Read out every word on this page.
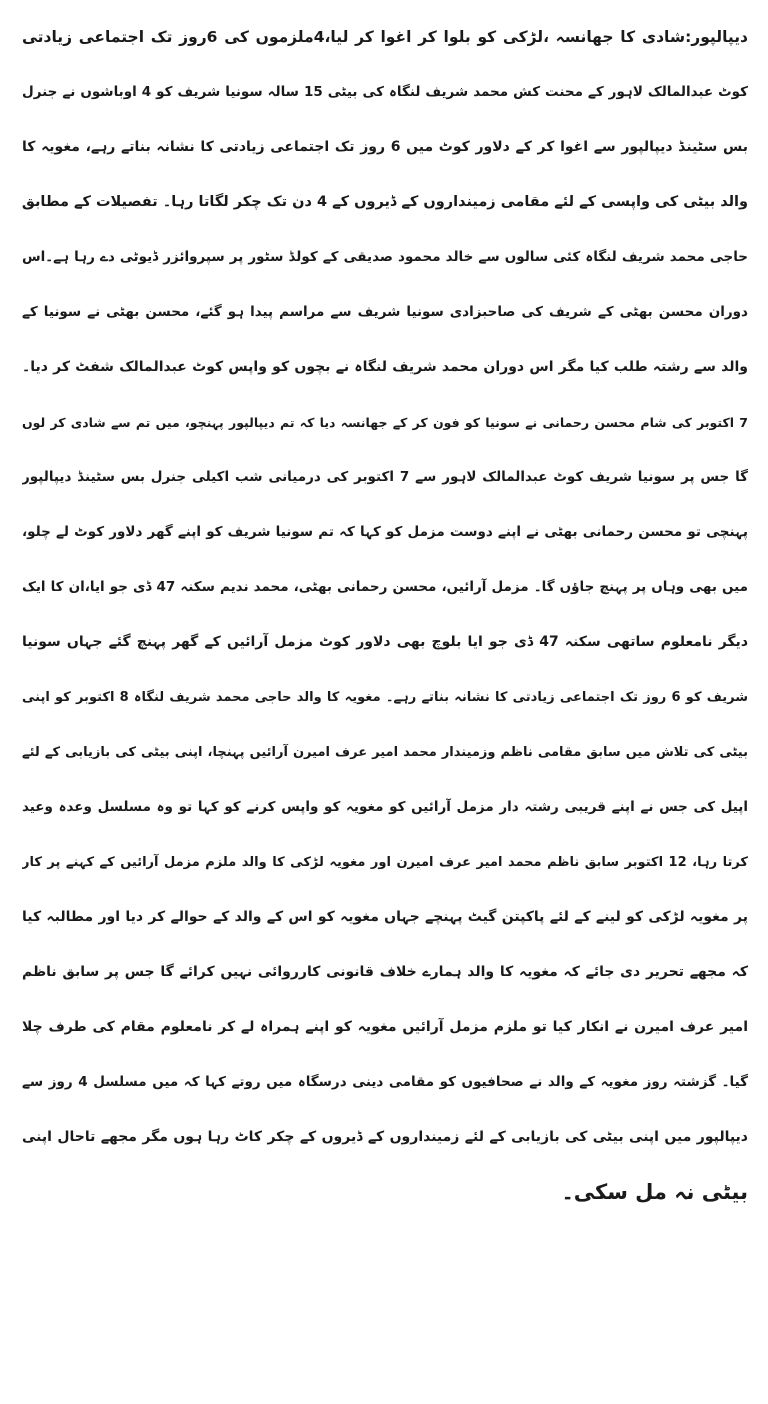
دیپالپور:شادی کا جھانسہ ،لڑکی کو بلوا کر اغوا کر لیا،4ملزموں کی 6روز تک اجتماعی زیادتی
کوٹ عبدالمالک لاہور کے محنت کش محمد شریف لنگاہ کی بیٹی 15 سالہ سونیا شریف کو 4 اوباشوں نے جنرل
بس سٹینڈ دیپالپور سے اغوا کر کے دلاور کوٹ میں 6 روز تک اجتماعی زیادتی کا نشانہ بناتے رہے، مغویہ کا
والد بیٹی کی واپسی کے لئے مقامی زمینداروں کے ڈیروں کے 4 دن تک چکر لگاتا رہا۔ تفصیلات کے مطابق
حاجی محمد شریف لنگاہ کئی سالوں سے خالد محمود صدیقی کے کولڈ سٹور پر سپروائزر ڈیوٹی دے رہا ہے۔اس
دوران محسن بھٹی کے شریف کی صاحبزادی سونیا شریف سے مراسم پیدا ہو گئے، محسن بھٹی نے سونیا کے
والد سے رشتہ طلب کیا مگر اس دوران محمد شریف لنگاہ نے بچوں کو واپس کوٹ عبدالمالک شفٹ کر دیا۔
7 اکتوبر کی شام محسن رحمانی نے سونیا کو فون کر کے جھانسہ دیا کہ تم دیپالپور پہنچو، میں تم سے شادی کر لوں
گا جس پر سونیا شریف کوٹ عبدالمالک لاہور سے 7 اکتوبر کی درمیانی شب اکیلی جنرل بس سٹینڈ دیپالپور
پہنچی تو محسن رحمانی بھٹی نے اپنے دوست مزمل کو کہا کہ تم سونیا شریف کو اپنے گھر دلاور کوٹ لے چلو،
میں بھی وہاں پر پہنچ جاؤں گا۔ مزمل آرائیں، محسن رحمانی بھٹی، محمد ندیم سکنہ 47 ڈی جو ایا،ان کا ایک
دیگر نامعلوم ساتھی سکنہ 47 ڈی جو ایا بلوچ بھی دلاور کوٹ مزمل آرائیں کے گھر پہنچ گئے جہاں سونیا
شریف کو 6 روز تک اجتماعی زیادتی کا نشانہ بناتے رہے۔ مغویہ کا والد حاجی محمد شریف لنگاہ 8 اکتوبر کو اپنی
بیٹی کی تلاش میں سابق مقامی ناظم وزمیندار محمد امیر عرف امیرن آرائیں پہنچا، اپنی بیٹی کی بازیابی کے لئے
اپیل کی جس نے اپنے قریبی رشتہ دار مزمل آرائیں کو مغویہ کو واپس کرنے کو کہا تو وہ مسلسل وعدہ وعید
کرتا رہا، 12 اکتوبر سابق ناظم محمد امیر عرف امیرن اور مغویہ لڑکی کا والد ملزم مزمل آرائیں کے کہنے پر کار
پر مغویہ لڑکی کو لینے کے لئے پاکپتن گیٹ پہنچے جہاں مغویہ کو اس کے والد کے حوالے کر دیا اور مطالبہ کیا
کہ مجھے تحریر دی جائے کہ مغویہ کا والد ہمارے خلاف قانونی کارروائی نہیں کرائے گا جس پر سابق ناظم
امیر عرف امیرن نے انکار کیا تو ملزم مزمل آرائیں مغویہ کو اپنے ہمراہ لے کر نامعلوم مقام کی طرف چلا
گیا۔ گزشتہ روز مغویہ کے والد نے صحافیوں کو مقامی دینی درسگاہ میں روتے کہا کہ میں مسلسل 4 روز سے
دیپالپور میں اپنی بیٹی کی بازیابی کے لئے زمینداروں کے ڈیروں کے چکر کاٹ رہا ہوں مگر مجھے تاحال اپنی
بیٹی نہ مل سکی۔
